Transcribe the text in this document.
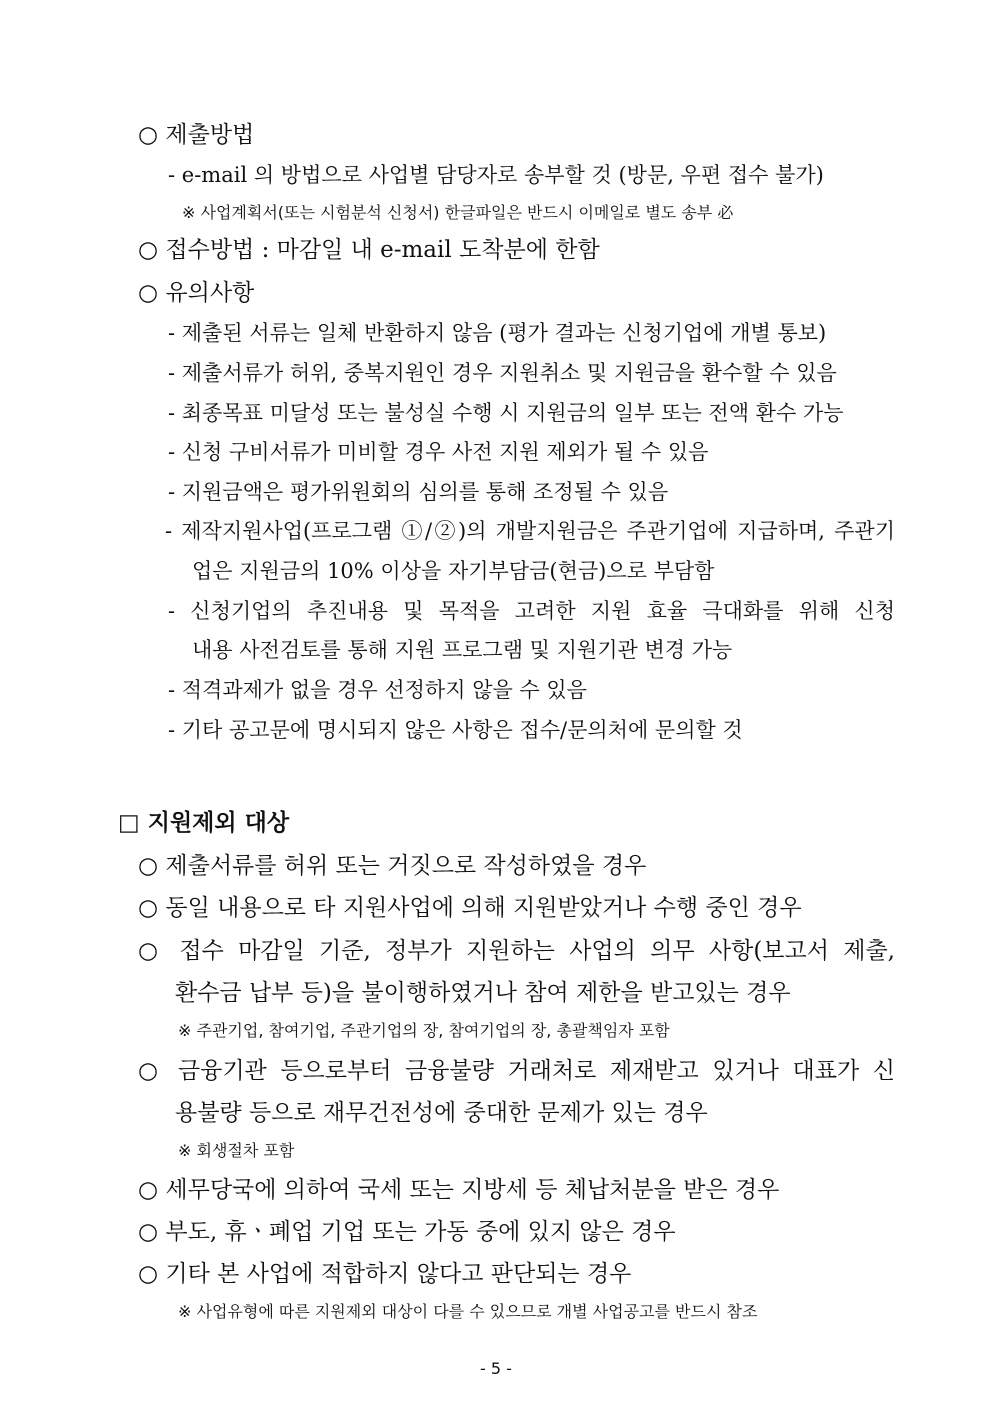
○ 제출방법
- e-mail 의 방법으로 사업별 담당자로 송부할 것 (방문, 우편 접수 불가)
※ 사업계획서(또는 시험분석 신청서) 한글파일은 반드시 이메일로 별도 송부 必
○ 접수방법 : 마감일 내 e-mail 도착분에 한함
○ 유의사항
- 제출된 서류는 일체 반환하지 않음 (평가 결과는 신청기업에 개별 통보)
- 제출서류가 허위, 중복지원인 경우 지원취소 및 지원금을 환수할 수 있음
- 최종목표 미달성 또는 불성실 수행 시 지원금의 일부 또는 전액 환수 가능
- 신청 구비서류가 미비할 경우 사전 지원 제외가 될 수 있음
- 지원금액은 평가위원회의 심의를 통해 조정될 수 있음
- 제작지원사업(프로그램 ①/②)의 개발지원금은 주관기업에 지급하며, 주관기
업은 지원금의 10% 이상을 자기부담금(현금)으로 부담함
- 신청기업의 추진내용 및 목적을 고려한 지원 효율 극대화를 위해 신청
내용 사전검토를 통해 지원 프로그램 및 지원기관 변경 가능
- 적격과제가 없을 경우 선정하지 않을 수 있음
- 기타 공고문에 명시되지 않은 사항은 접수/문의처에 문의할 것
□ 지원제외 대상
○ 제출서류를 허위 또는 거짓으로 작성하였을 경우
○ 동일 내용으로 타 지원사업에 의해 지원받았거나 수행 중인 경우
○ 접수 마감일 기준, 정부가 지원하는 사업의 의무 사항(보고서 제출,
환수금 납부 등)을 불이행하였거나 참여 제한을 받고있는 경우
※ 주관기업, 참여기업, 주관기업의 장, 참여기업의 장, 총괄책임자 포함
○ 금융기관 등으로부터 금융불량 거래처로 제재받고 있거나 대표가 신
용불량 등으로 재무건전성에 중대한 문제가 있는 경우
※ 회생절차 포함
○ 세무당국에 의하여 국세 또는 지방세 등 체납처분을 받은 경우
○ 부도, 휴ㆍ폐업 기업 또는 가동 중에 있지 않은 경우
○ 기타 본 사업에 적합하지 않다고 판단되는 경우
※ 사업유형에 따른 지원제외 대상이 다를 수 있으므로 개별 사업공고를 반드시 참조
- 5 -
